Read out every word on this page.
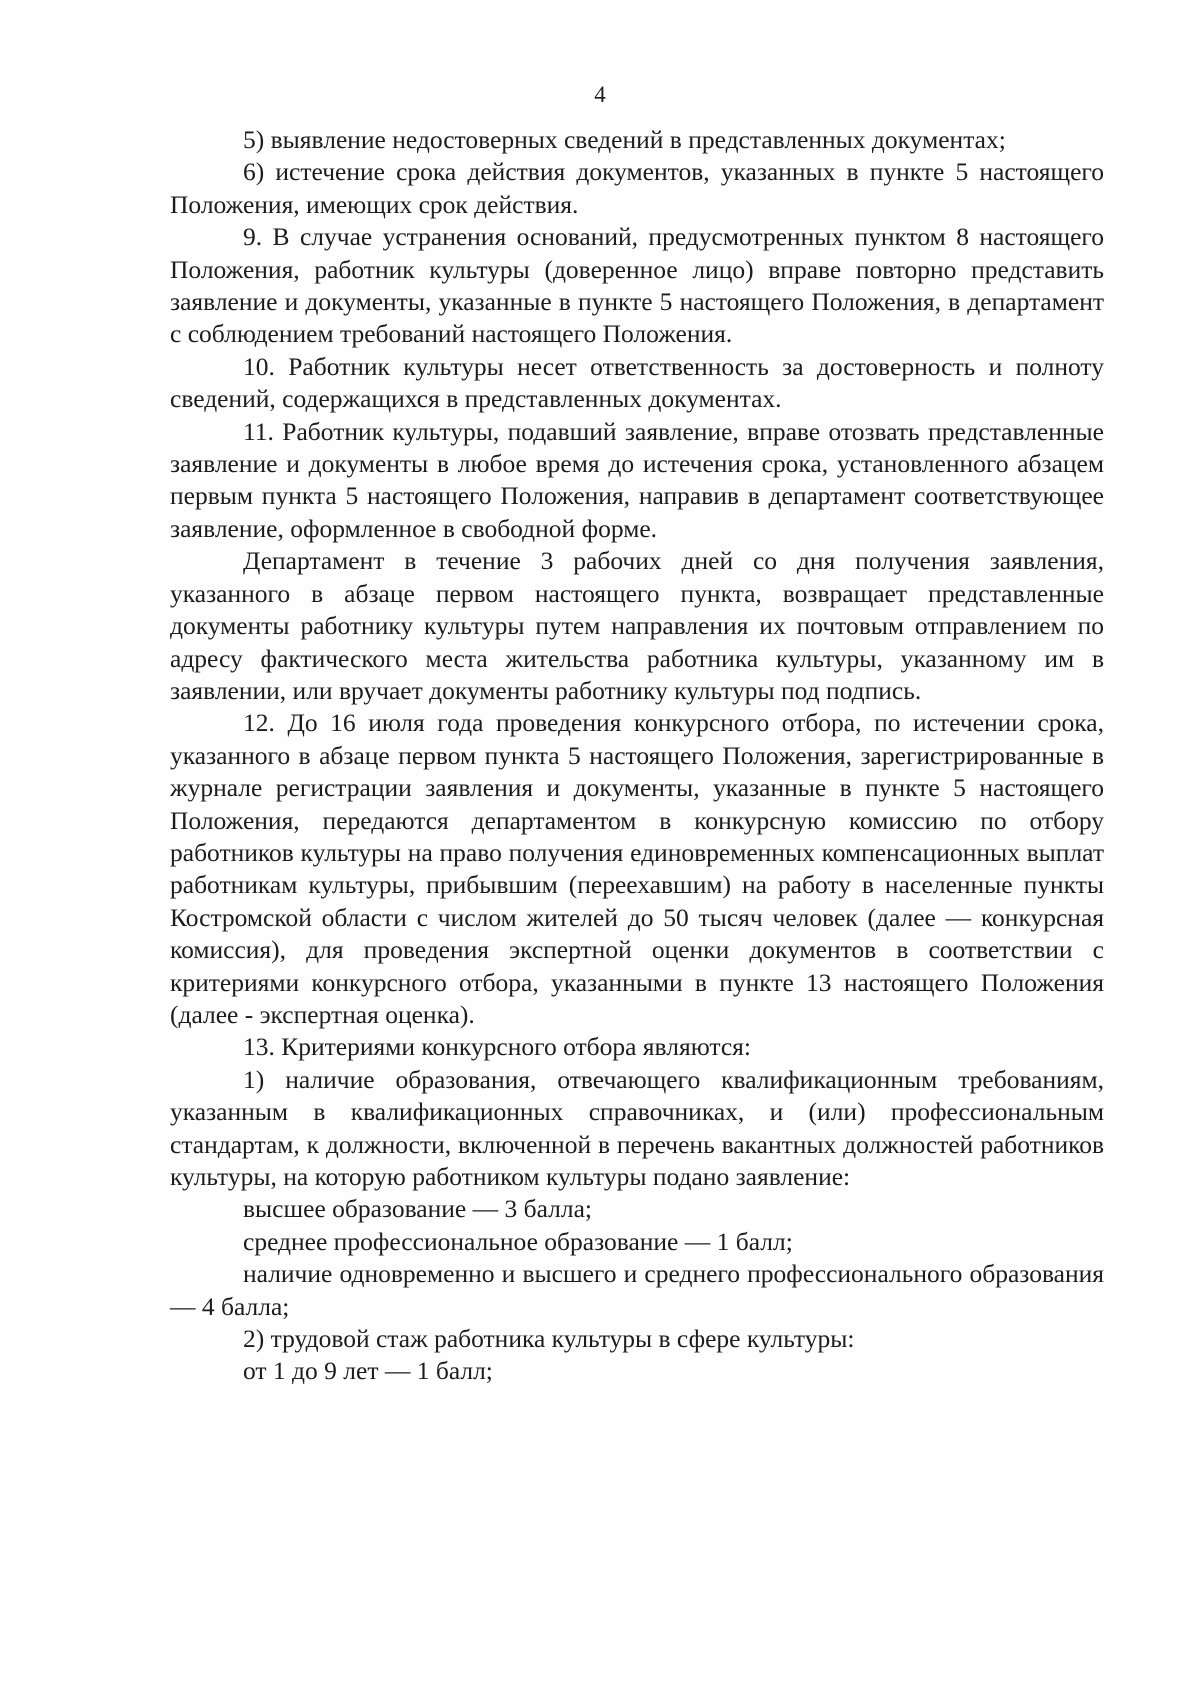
4

5) выявление недостоверных сведений в представленных документах;

6) истечение срока действия документов, указанных в пункте 5 настоящего Положения, имеющих срок действия.

9. В случае устранения оснований, предусмотренных пунктом 8 настоящего Положения, работник культуры (доверенное лицо) вправе повторно представить заявление и документы, указанные в пункте 5 настоящего Положения, в департамент с соблюдением требований настоящего Положения.

10. Работник культуры несет ответственность за достоверность и полноту сведений, содержащихся в представленных документах.

11. Работник культуры, подавший заявление, вправе отозвать представленные заявление и документы в любое время до истечения срока, установленного абзацем первым пункта 5 настоящего Положения, направив в департамент соответствующее заявление, оформленное в свободной форме.

Департамент в течение 3 рабочих дней со дня получения заявления, указанного в абзаце первом настоящего пункта, возвращает представленные документы работнику культуры путем направления их почтовым отправлением по адресу фактического места жительства работника культуры, указанному им в заявлении, или вручает документы работнику культуры под подпись.

12. До 16 июля года проведения конкурсного отбора, по истечении срока, указанного в абзаце первом пункта 5 настоящего Положения, зарегистрированные в журнале регистрации заявления и документы, указанные в пункте 5 настоящего Положения, передаются департаментом в конкурсную комиссию по отбору работников культуры на право получения единовременных компенсационных выплат работникам культуры, прибывшим (переехавшим) на работу в населенные пункты Костромской области с числом жителей до 50 тысяч человек (далее — конкурсная комиссия), для проведения экспертной оценки документов в соответствии с критериями конкурсного отбора, указанными в пункте 13 настоящего Положения (далее - экспертная оценка).

13. Критериями конкурсного отбора являются:

1) наличие образования, отвечающего квалификационным требованиям, указанным в квалификационных справочниках, и (или) профессиональным стандартам, к должности, включенной в перечень вакантных должностей работников культуры, на которую работником культуры подано заявление:

высшее образование — 3 балла;

среднее профессиональное образование — 1 балл;

наличие одновременно и высшего и среднего профессионального образования — 4 балла;

2) трудовой стаж работника культуры в сфере культуры:

от 1 до 9 лет — 1 балл;
